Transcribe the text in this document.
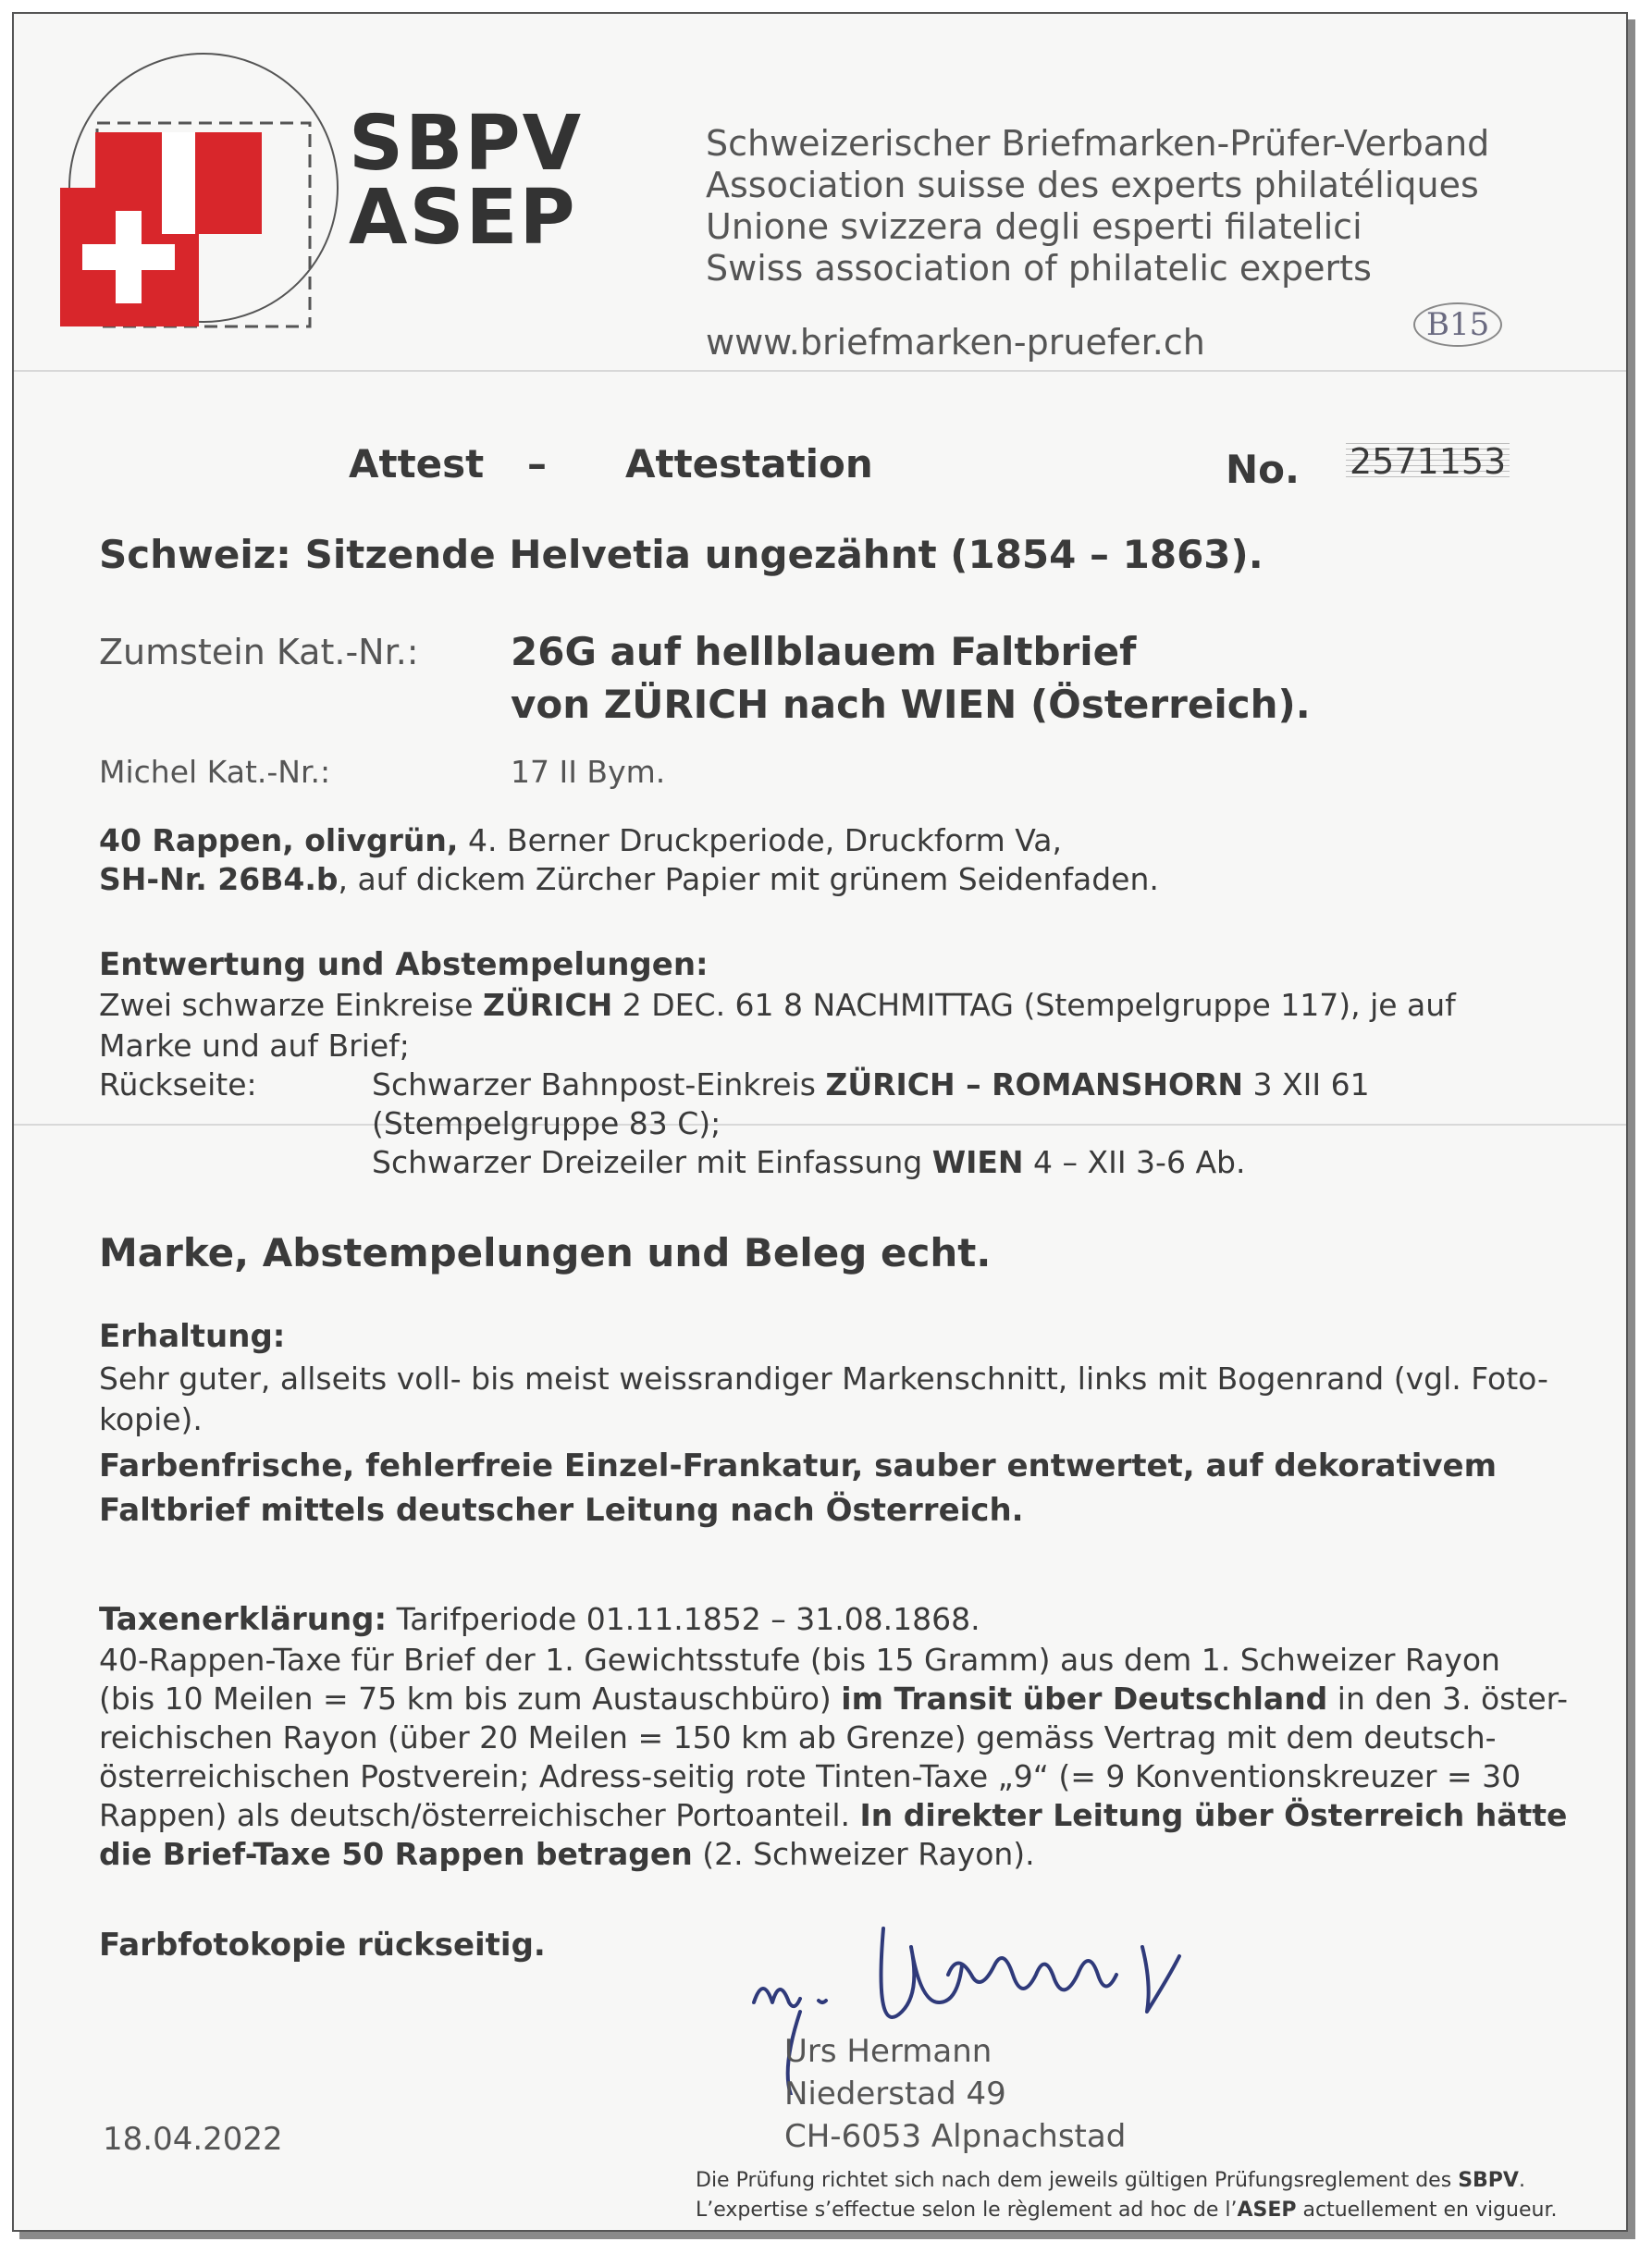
SBPV
ASEP
Schweizerischer Briefmarken-Prüfer-Verband
Association suisse des experts philatéliques
Unione svizzera degli esperti filatelici
Swiss association of philatelic experts
www.briefmarken-pruefer.ch	B15
Attest – Attestation	No. 2571153
Schweiz: Sitzende Helvetia ungezähnt (1854 – 1863).
Zumstein Kat.-Nr.: 26G auf hellblauem Faltbrief
von ZÜRICH nach WIEN (Österreich).
Michel Kat.-Nr.:	17 II Bym.
40 Rappen, olivgrün, 4. Berner Druckperiode, Druckform Va,
SH-Nr. 26B4.b, auf dickem Zürcher Papier mit grünem Seidenfaden.
Entwertung und Abstempelungen:
Zwei schwarze Einkreise ZÜRICH 2 DEC. 61 8 NACHMITTAG (Stempelgruppe 117), je auf
Marke und auf Brief;
Rückseite:	Schwarzer Bahnpost-Einkreis ZÜRICH – ROMANSHORN 3 XII 61
(Stempelgruppe 83 C);
Schwarzer Dreizeiler mit Einfassung WIEN 4 – XII 3-6 Ab.
Marke, Abstempelungen und Beleg echt.
Erhaltung:
Sehr guter, allseits voll- bis meist weissrandiger Markenschnitt, links mit Bogenrand (vgl. Foto-
kopie).
Farbenfrische, fehlerfreie Einzel-Frankatur, sauber entwertet, auf dekorativem
Faltbrief mittels deutscher Leitung nach Österreich.
Taxenerklärung: Tarifperiode 01.11.1852 – 31.08.1868.
40-Rappen-Taxe für Brief der 1. Gewichtsstufe (bis 15 Gramm) aus dem 1. Schweizer Rayon
(bis 10 Meilen = 75 km bis zum Austauschbüro) im Transit über Deutschland in den 3. öster-
reichischen Rayon (über 20 Meilen = 150 km ab Grenze) gemäss Vertrag mit dem deutsch-
österreichischen Postverein; Adress-seitig rote Tinten-Taxe „9“ (= 9 Konventionskreuzer = 30
Rappen) als deutsch/österreichischer Portoanteil. In direkter Leitung über Österreich hätte
die Brief-Taxe 50 Rappen betragen (2. Schweizer Rayon).
Farbfotokopie rückseitig.
Urs Hermann
Niederstad 49
CH-6053 Alpnachstad
18.04.2022
Die Prüfung richtet sich nach dem jeweils gültigen Prüfungsreglement des SBPV.
L’expertise s’effectue selon le règlement ad hoc de l’ASEP actuellement en vigueur.
